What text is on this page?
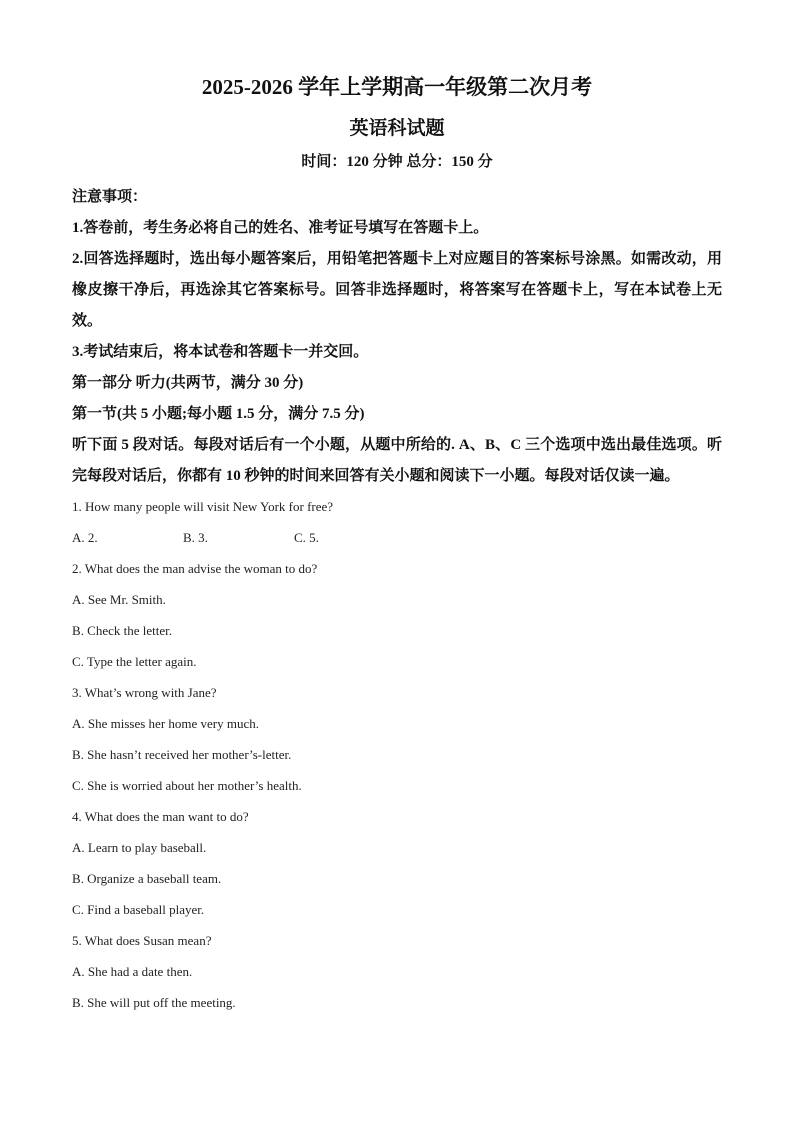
2025-2026 学年上学期高一年级第二次月考
英语科试题
时间：120 分钟 总分：150 分

注意事项：

1.答卷前，考生务必将自己的姓名、准考证号填写在答题卡上。

2.回答选择题时，选出每小题答案后，用铅笔把答题卡上对应题目的答案标号涂黑。如需改动，用橡皮擦干净后，再选涂其它答案标号。回答非选择题时，将答案写在答题卡上，写在本试卷上无效。

3.考试结束后，将本试卷和答题卡一并交回。

第一部分 听力(共两节，满分 30 分)

第一节(共 5 小题;每小题 1.5 分，满分 7.5 分)

听下面 5 段对话。每段对话后有一个小题，从题中所给的. A、B、C 三个选项中选出最佳选项。听完每段对话后，你都有 10 秒钟的时间来回答有关小题和阅读下一小题。每段对话仅读一遍。

1. How many people will visit New York for free?

A. 2.	B. 3.	C. 5.

2. What does the man advise the woman to do?

A. See Mr. Smith.

B. Check the letter.

C. Type the letter again.

3. What’s wrong with Jane?

A. She misses her home very much.

B. She hasn’t received her mother’s-letter.

C. She is worried about her mother’s health.

4. What does the man want to do?

A. Learn to play baseball.

B. Organize a baseball team.

C. Find a baseball player.

5. What does Susan mean?

A. She had a date then.

B. She will put off the meeting.
